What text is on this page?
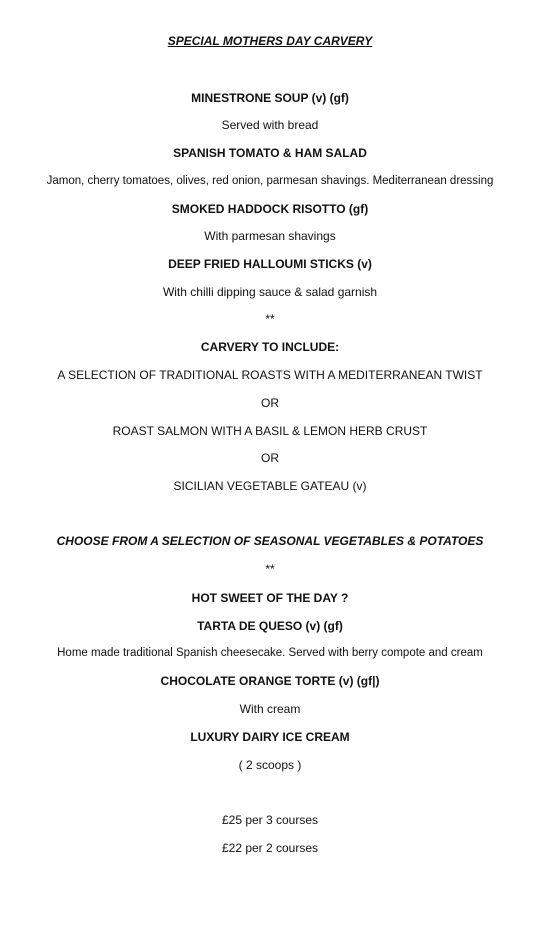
SPECIAL MOTHERS DAY CARVERY
MINESTRONE SOUP (v) (gf)
Served with bread
SPANISH TOMATO & HAM SALAD
Jamon, cherry tomatoes, olives, red onion, parmesan shavings. Mediterranean dressing
SMOKED HADDOCK RISOTTO (gf)
With parmesan shavings
DEEP FRIED HALLOUMI STICKS (v)
With chilli dipping sauce & salad garnish
**
CARVERY TO INCLUDE:
A SELECTION OF TRADITIONAL ROASTS WITH A MEDITERRANEAN TWIST
OR
ROAST SALMON WITH A BASIL & LEMON HERB CRUST
OR
SICILIAN VEGETABLE GATEAU (v)
CHOOSE FROM A SELECTION OF SEASONAL VEGETABLES & POTATOES
**
HOT SWEET OF THE DAY ?
TARTA DE QUESO (v) (gf)
Home made traditional Spanish cheesecake. Served with berry compote and cream
CHOCOLATE ORANGE TORTE (v) (gf|)
With cream
LUXURY DAIRY ICE CREAM
( 2 scoops )
£25 per 3 courses
£22 per 2 courses
